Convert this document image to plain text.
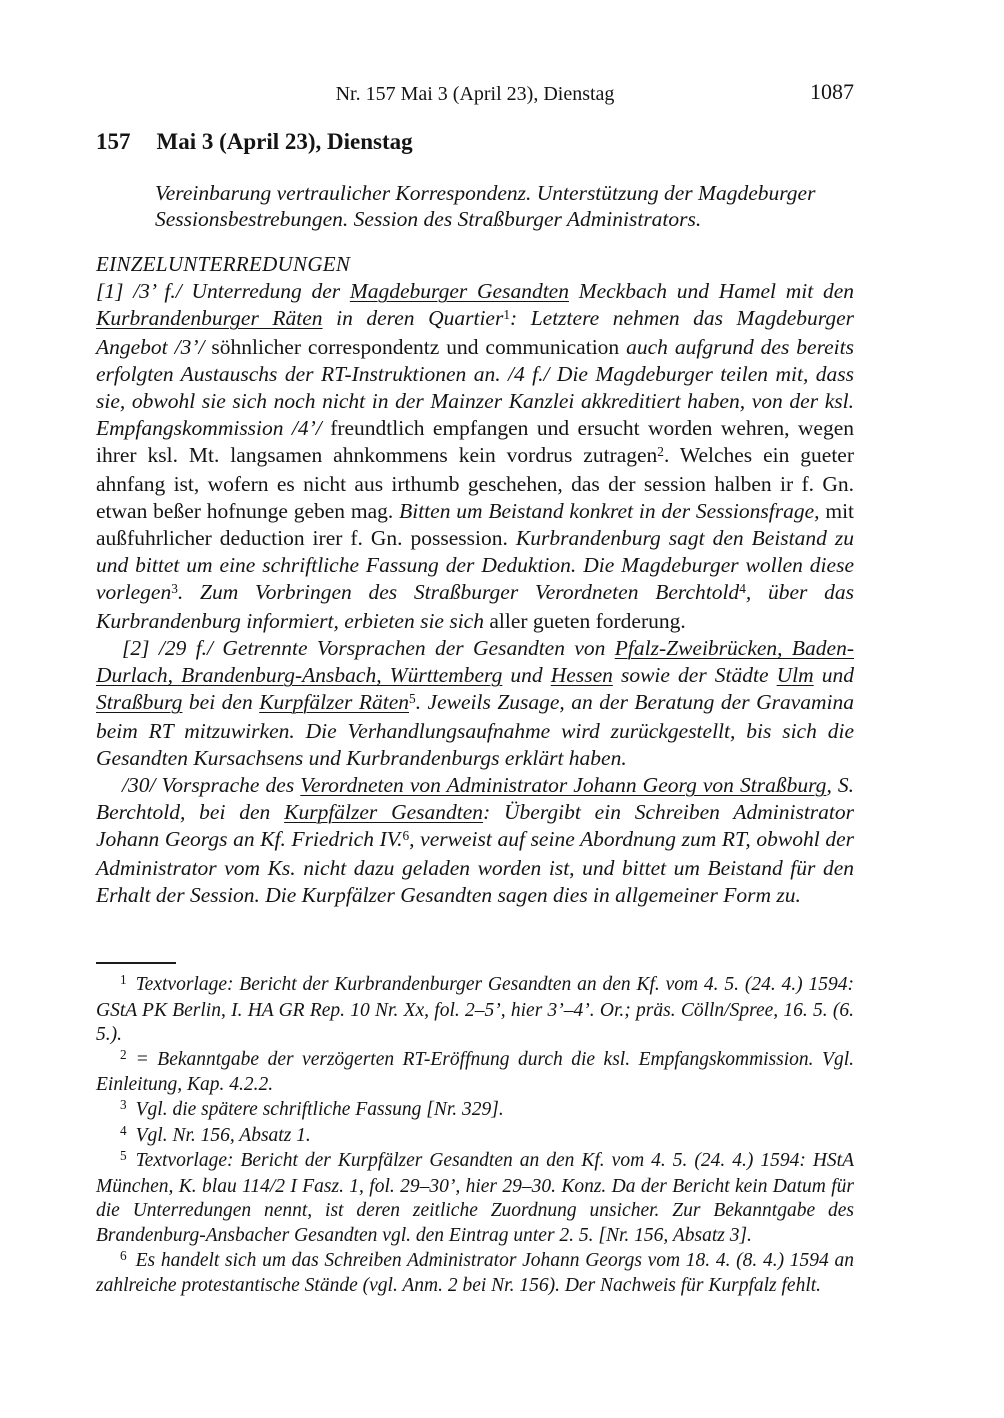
Nr. 157 Mai 3 (April 23), Dienstag	1087
157 Mai 3 (April 23), Dienstag
Vereinbarung vertraulicher Korrespondenz. Unterstützung der Magdeburger Sessionsbestrebungen. Session des Straßburger Administrators.
EINZELUNTERREDUNGEN

[1] /3’ f./ Unterredung der Magdeburger Gesandten Meckbach und Hamel mit den Kurbrandenburger Räten in deren Quartier$^1$: Letztere nehmen das Magdeburger Angebot /3’/ söhnlicher correspondentz und communication auch aufgrund des bereits erfolgten Austauschs der RT-Instruktionen an. /4 f./ Die Magdeburger teilen mit, dass sie, obwohl sie sich noch nicht in der Mainzer Kanzlei akkreditiert haben, von der ksl. Empfangskommission /4’/ freundtlich empfangen und ersucht worden wehren, wegen ihrer ksl. Mt. langsamen ahnkommens kein vordrus zutragen$^2$. Welches ein gueter ahnfang ist, wofern es nicht aus irthumb geschehen, das der session halben ir f. Gn. etwan beßer hofnunge geben mag. Bitten um Beistand konkret in der Sessionsfrage, mit außfuhrlicher deduction irer f. Gn. possession. Kurbrandenburg sagt den Beistand zu und bittet um eine schriftliche Fassung der Deduktion. Die Magdeburger wollen diese vorlegen$^3$. Zum Vorbringen des Straßburger Verordneten Berchtold$^4$, über das Kurbrandenburg informiert, erbieten sie sich aller gueten forderung.

[2] /29 f./ Getrennte Vorsprachen der Gesandten von Pfalz-Zweibrücken, Baden-Durlach, Brandenburg-Ansbach, Württemberg und Hessen sowie der Städte Ulm und Straßburg bei den Kurpfälzer Räten$^5$. Jeweils Zusage, an der Beratung der Gravamina beim RT mitzuwirken. Die Verhandlungsaufnahme wird zurückgestellt, bis sich die Gesandten Kursachsens und Kurbrandenburgs erklärt haben.

/30/ Vorsprache des Verordneten von Administrator Johann Georg von Straßburg, S. Berchtold, bei den Kurpfälzer Gesandten: Übergibt ein Schreiben Administrator Johann Georgs an Kf. Friedrich IV.$^6$, verweist auf seine Abordnung zum RT, obwohl der Administrator vom Ks. nicht dazu geladen worden ist, und bittet um Beistand für den Erhalt der Session. Die Kurpfälzer Gesandten sagen dies in allgemeiner Form zu.

$^1$ Textvorlage: Bericht der Kurbrandenburger Gesandten an den Kf. vom 4. 5. (24. 4.) 1594: GStA PK Berlin, I. HA GR Rep. 10 Nr. Xx, fol. 2–5’, hier 3’–4’. Or.; präs. Cölln/Spree, 16. 5. (6. 5.).

$^2$ = Bekanntgabe der verzögerten RT-Eröffnung durch die ksl. Empfangskommission. Vgl. Einleitung, Kap. 4.2.2.

$^3$ Vgl. die spätere schriftliche Fassung [Nr. 329].

$^4$ Vgl. Nr. 156, Absatz 1.

$^5$ Textvorlage: Bericht der Kurpfälzer Gesandten an den Kf. vom 4. 5. (24. 4.) 1594: HStA München, K. blau 114/2 I Fasz. 1, fol. 29–30’, hier 29–30. Konz. Da der Bericht kein Datum für die Unterredungen nennt, ist deren zeitliche Zuordnung unsicher. Zur Bekanntgabe des Brandenburg-Ansbacher Gesandten vgl. den Eintrag unter 2. 5. [Nr. 156, Absatz 3].

$^6$ Es handelt sich um das Schreiben Administrator Johann Georgs vom 18. 4. (8. 4.) 1594 an zahlreiche protestantische Stände (vgl. Anm. 2 bei Nr. 156). Der Nachweis für Kurpfalz fehlt.
